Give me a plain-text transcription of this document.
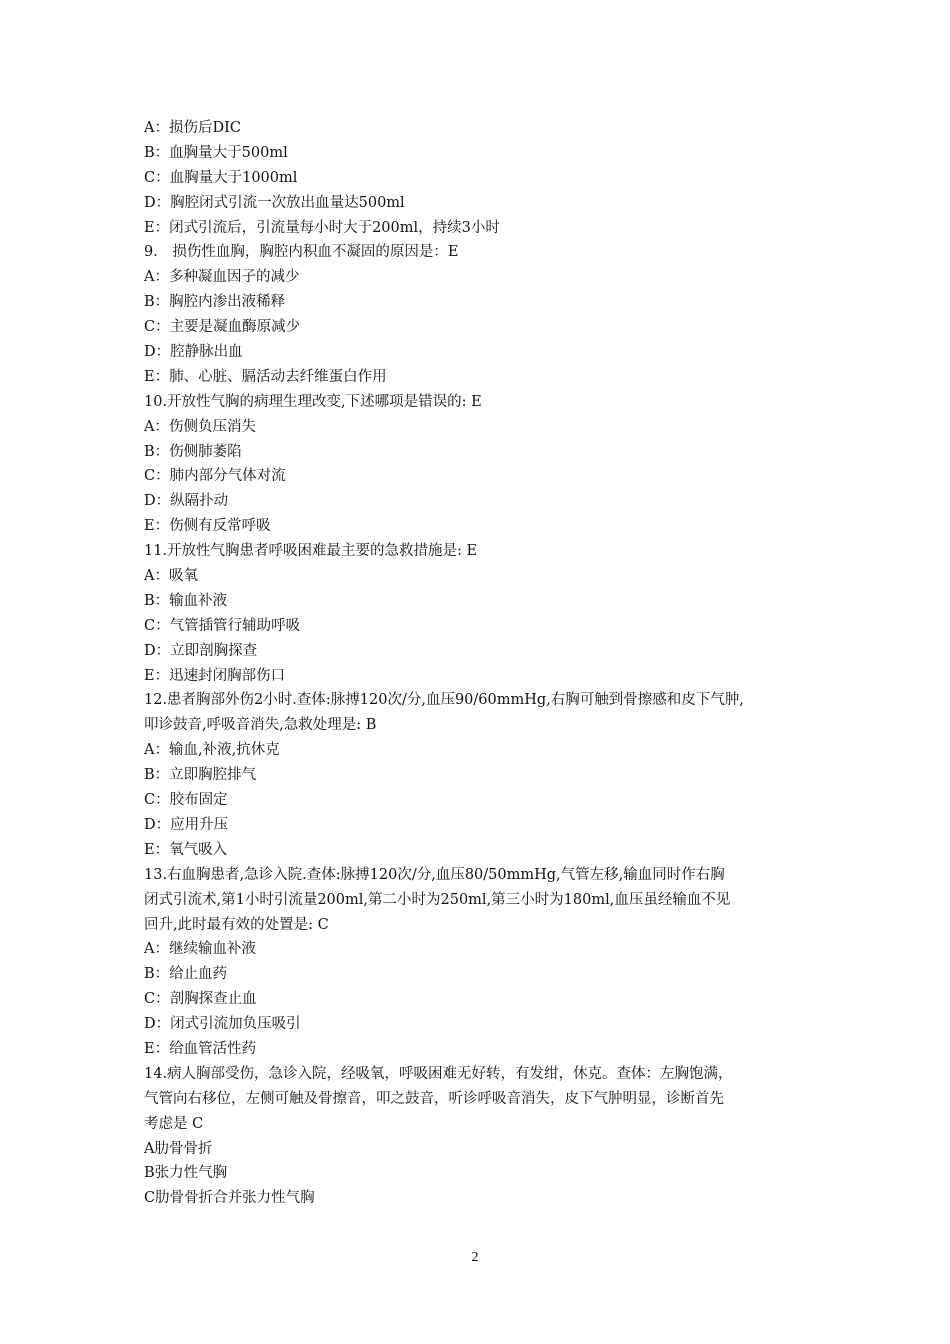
A：损伤后DIC
B：血胸量大于500ml
C：血胸量大于1000ml
D：胸腔闭式引流一次放出血量达500ml
E：闭式引流后，引流量每小时大于200ml，持续3小时
9． 损伤性血胸，胸腔内积血不凝固的原因是：E
A：多种凝血因子的减少
B：胸腔内渗出液稀释
C：主要是凝血酶原减少
D：腔静脉出血
E：肺、心脏、膈活动去纤维蛋白作用
10.开放性气胸的病理生理改变,下述哪项是错误的: E
A：伤侧负压消失
B：伤侧肺萎陷
C：肺内部分气体对流
D：纵隔扑动
E：伤侧有反常呼吸
11.开放性气胸患者呼吸困难最主要的急救措施是: E
A：吸氧
B：输血补液
C：气管插管行辅助呼吸
D：立即剖胸探查
E：迅速封闭胸部伤口
12.患者胸部外伤2小时.查体:脉搏120次/分,血压90/60mmHg,右胸可触到骨擦感和皮下气肿,
叩诊鼓音,呼吸音消失,急救处理是: B
A：输血,补液,抗休克
B：立即胸腔排气
C：胶布固定
D：应用升压
E：氧气吸入
13.右血胸患者,急诊入院.查体:脉搏120次/分,血压80/50mmHg,气管左移,输血同时作右胸
闭式引流术,第1小时引流量200ml,第二小时为250ml,第三小时为180ml,血压虽经输血不见
回升,此时最有效的处置是: C
A：继续输血补液
B：给止血药
C：剖胸探查止血
D：闭式引流加负压吸引
E：给血管活性药
14.病人胸部受伤，急诊入院，经吸氧，呼吸困难无好转，有发绀，休克。查体：左胸饱满，
气管向右移位，左侧可触及骨擦音，叩之鼓音，听诊呼吸音消失，皮下气肿明显，诊断首先
考虑是 C
A肋骨骨折
B张力性气胸
C肋骨骨折合并张力性气胸
2
